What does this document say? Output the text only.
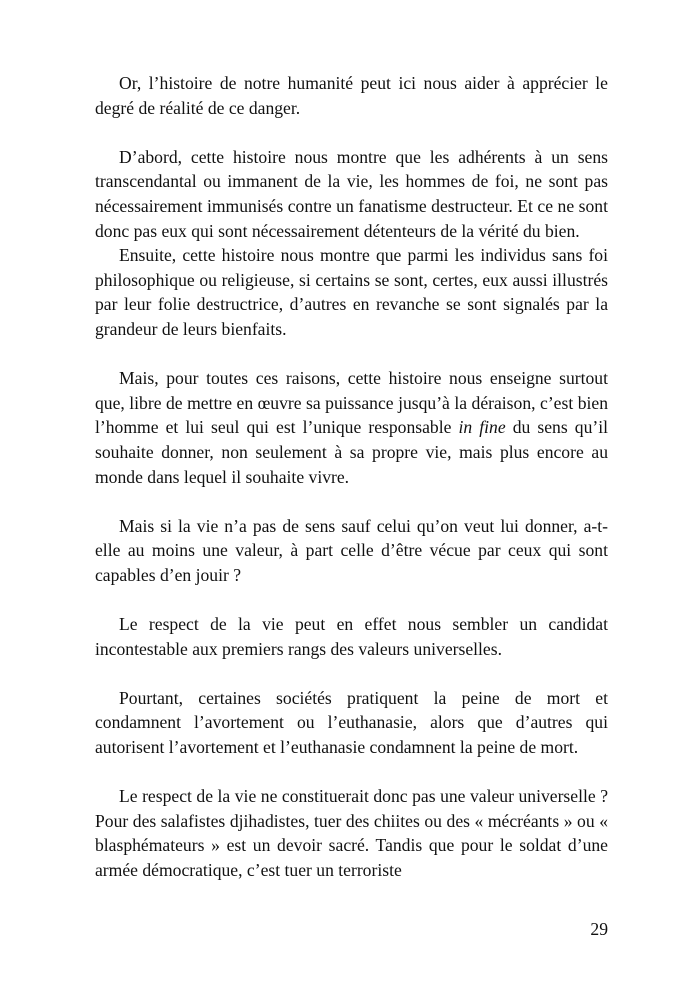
Or, l’histoire de notre humanité peut ici nous aider à apprécier le degré de réalité de ce danger.

D’abord, cette histoire nous montre que les adhérents à un sens transcendantal ou immanent de la vie, les hommes de foi, ne sont pas nécessairement immunisés contre un fanatisme destructeur. Et ce ne sont donc pas eux qui sont nécessairement détenteurs de la vérité du bien.

Ensuite, cette histoire nous montre que parmi les individus sans foi philosophique ou religieuse, si certains se sont, certes, eux aussi illustrés par leur folie destructrice, d’autres en revanche se sont signalés par la grandeur de leurs bienfaits.

Mais, pour toutes ces raisons, cette histoire nous enseigne surtout que, libre de mettre en œuvre sa puissance jusqu’à la déraison, c’est bien l’homme et lui seul qui est l’unique responsable in fine du sens qu’il souhaite donner, non seulement à sa propre vie, mais plus encore au monde dans lequel il souhaite vivre.

Mais si la vie n’a pas de sens sauf celui qu’on veut lui donner, a-t-elle au moins une valeur, à part celle d’être vécue par ceux qui sont capables d’en jouir ?

Le respect de la vie peut en effet nous sembler un candidat incontestable aux premiers rangs des valeurs universelles.

Pourtant, certaines sociétés pratiquent la peine de mort et condamnent l’avortement ou l’euthanasie, alors que d’autres qui autorisent l’avortement et l’euthanasie condamnent la peine de mort.

Le respect de la vie ne constituerait donc pas une valeur universelle ? Pour des salafistes djihadistes, tuer des chiites ou des « mécréants » ou « blasphémateurs » est un devoir sacré. Tandis que pour le soldat d’une armée démocratique, c’est tuer un terroriste

29
